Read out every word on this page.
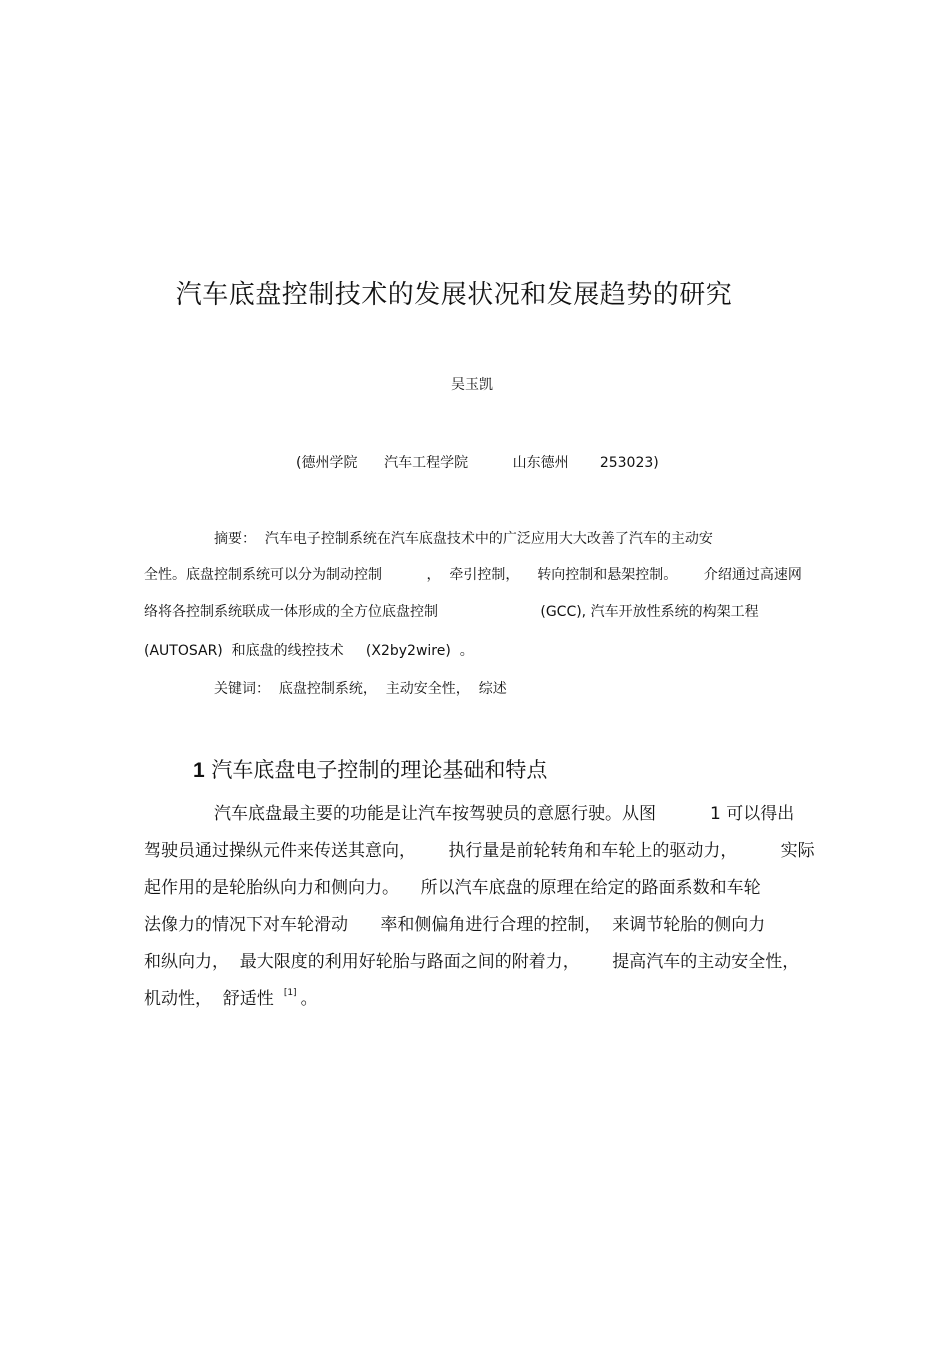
汽车底盘控制技术的发展状况和发展趋势的研究
吴玉凯
(德州学院      汽车工程学院          山东德州       253023)
摘要：  汽车电子控制系统在汽车底盘技术中的广泛应用大大改善了汽车的主动安
全性。底盘控制系统可以分为制动控制          ，  牵引控制，    转向控制和悬架控制。      介绍通过高速网
络将各控制系统联成一体形成的全方位底盘控制                       (GCC), 汽车开放性系统的构架工程
(AUTOSAR)  和底盘的线控技术     (X2by2wire)  。
关键词：  底盘控制系统，  主动安全性，  综述
1 汽车底盘电子控制的理论基础和特点
汽车底盘最主要的功能是让汽车按驾驶员的意愿行驶。从图          1 可以得出
驾驶员通过操纵元件来传送其意向，      执行量是前轮转角和车轮上的驱动力，        实际
起作用的是轮胎纵向力和侧向力。    所以汽车底盘的原理在给定的路面系数和车轮
法像力的情况下对车轮滑动      率和侧偏角进行合理的控制，  来调节轮胎的侧向力
和纵向力，  最大限度的利用好轮胎与路面之间的附着力，      提高汽车的主动安全性，
机动性，  舒适性 [1] 。
